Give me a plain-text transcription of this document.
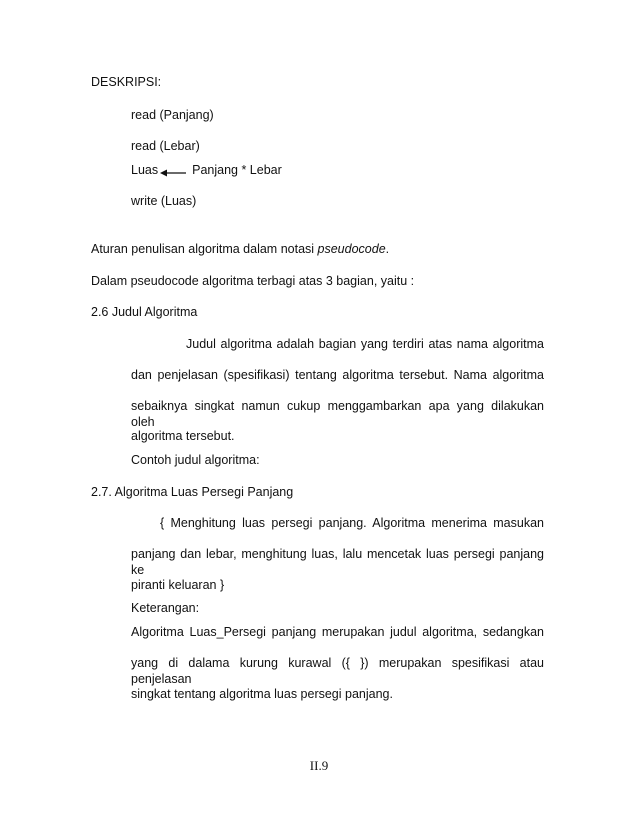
DESKRIPSI:
read (Panjang)
read (Lebar)
Luas	Panjang * Lebar
write (Luas)
Aturan penulisan algoritma dalam notasi pseudocode.
Dalam pseudocode algoritma terbagi atas 3 bagian, yaitu :
2.6 Judul Algoritma
Judul algoritma adalah bagian yang terdiri atas nama algoritma
dan penjelasan (spesifikasi) tentang algoritma tersebut. Nama algoritma
sebaiknya singkat namun cukup menggambarkan apa yang dilakukan oleh
algoritma tersebut.
Contoh judul algoritma:
2.7. Algoritma Luas Persegi Panjang
{ Menghitung luas persegi panjang. Algoritma menerima masukan
panjang dan lebar, menghitung luas, lalu mencetak luas persegi panjang ke
piranti keluaran }
Keterangan:
Algoritma Luas_Persegi panjang merupakan judul algoritma, sedangkan
yang di dalama kurung kurawal ({ }) merupakan spesifikasi atau penjelasan
singkat tentang algoritma luas persegi panjang.
II.9
